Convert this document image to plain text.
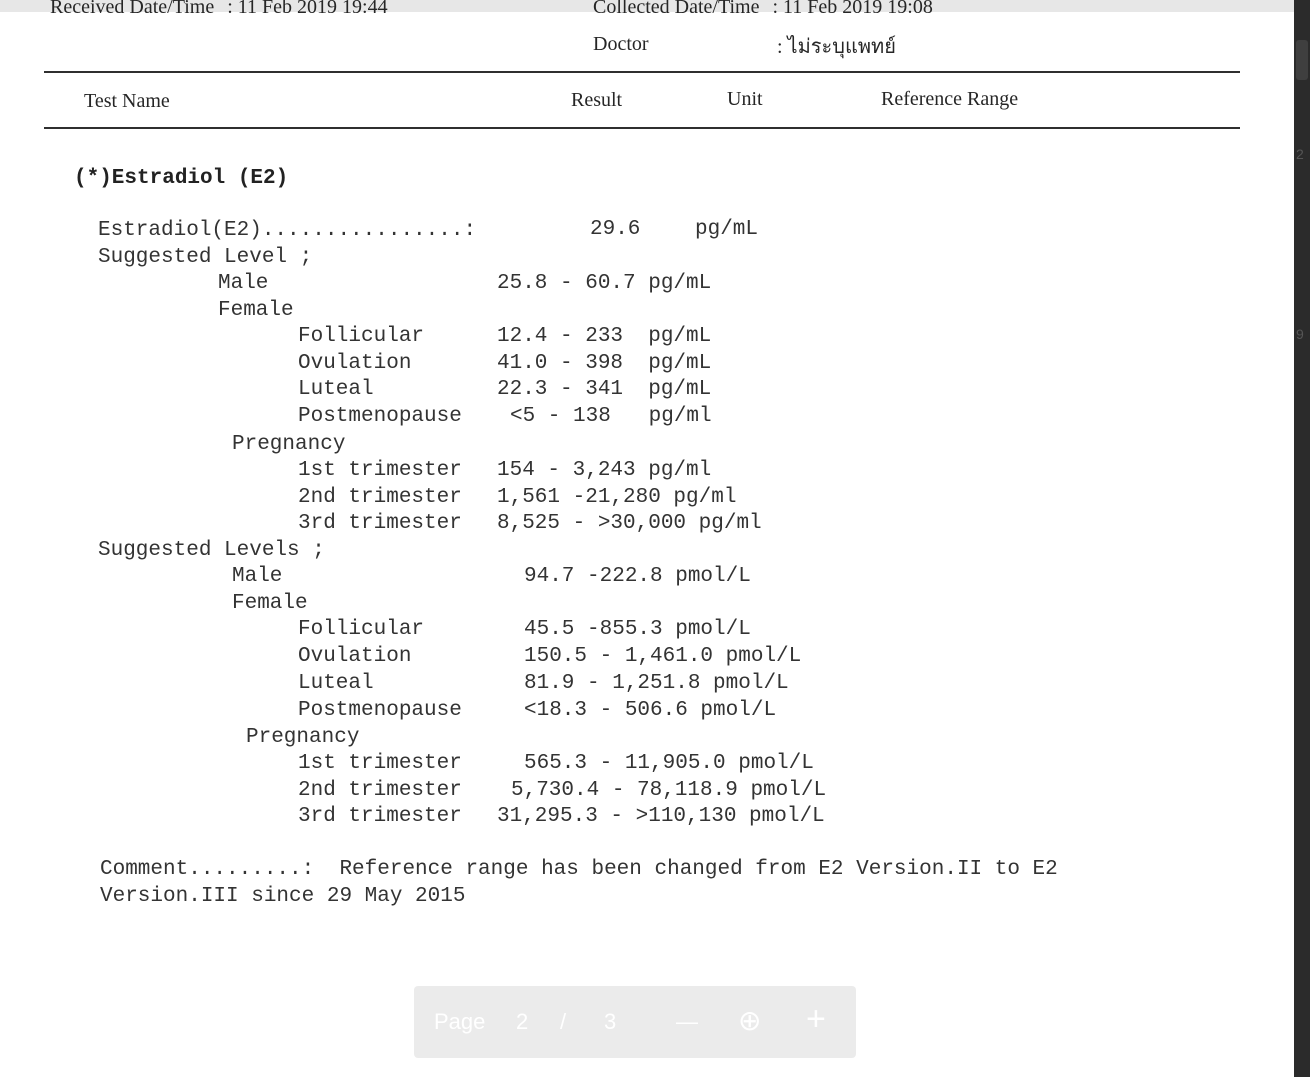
Received Date/Time : 11 Feb 2019 19:44	Collected Date/Time : 11 Feb 2019 19:08
Doctor	: ไม่ระบุแพทย์
Test Name	Result	Unit	Reference Range
(*)Estradiol (E2)
Estradiol(E2)................:	29.6	pg/mL
Suggested Level ;
Male	25.8 - 60.7 pg/mL
Female
Follicular	12.4 - 233  pg/mL
Ovulation	41.0 - 398  pg/mL
Luteal	22.3 - 341  pg/mL
Postmenopause <5 - 138   pg/ml
Pregnancy
1st trimester 154 - 3,243 pg/ml
2nd trimester 1,561 -21,280 pg/ml
3rd trimester 8,525 - >30,000 pg/ml
Suggested Levels ;
Male	94.7 -222.8 pmol/L
Female
Follicular	45.5 -855.3 pmol/L
Ovulation	150.5 - 1,461.0 pmol/L
Luteal	81.9 - 1,251.8 pmol/L
Postmenopause	<18.3 - 506.6 pmol/L
Pregnancy
1st trimester	565.3 - 11,905.0 pmol/L
2nd trimester 5,730.4 - 78,118.9 pmol/L
3rd trimester 31,295.3 - >110,130 pmol/L
Comment.........:  Reference range has been changed from E2 Version.II to E2
Version.III since 29 May 2015
Page 2 / 3	— ⊕ +
2
9
